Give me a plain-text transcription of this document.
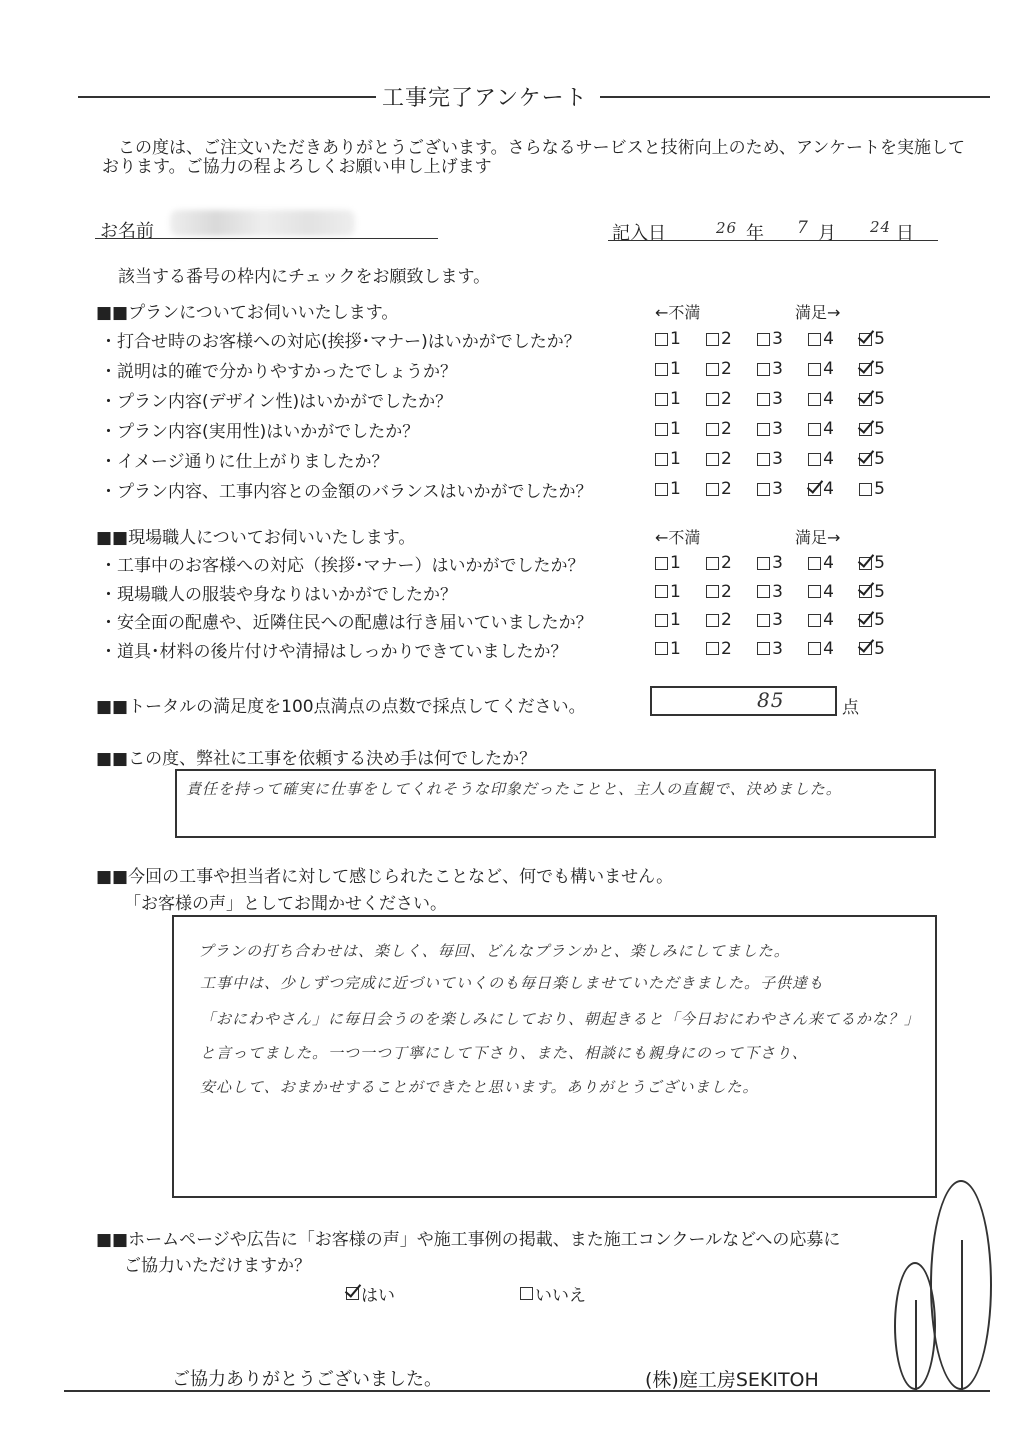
工事完了アンケート
この度は、ご注文いただきありがとうございます。さらなるサービスと技術向上のため、アンケートを実施して
おります。ご協力の程よろしくお願い申し上げます
お名前	記入日	26 年 7 月 24 日
該当する番号の枠内にチェックをお願致します。
■■プランについてお伺いいたします。	←不満	満足→
・打合せ時のお客様への対応(挨拶･マナー)はいかがでしたか？	1 2 3 4 5
・説明は的確で分かりやすかったでしょうか？	1 2 3 4 5
・プラン内容(デザイン性)はいかがでしたか？	1 2 3 4 5
・プラン内容(実用性)はいかがでしたか？	1 2 3 4 5
・イメージ通りに仕上がりましたか？	1 2 3 4 5
・プラン内容、工事内容との金額のバランスはいかがでしたか？	1 2 3 4 5
■■現場職人についてお伺いいたします。	←不満	満足→
・工事中のお客様への対応（挨拶･マナー）はいかがでしたか？	1 2 3 4 5
・現場職人の服装や身なりはいかがでしたか？	1 2 3 4 5
・安全面の配慮や、近隣住民への配慮は行き届いていましたか？	1 2 3 4 5
・道具･材料の後片付けや清掃はしっかりできていましたか？	1 2 3 4 5
■■トータルの満足度を100点満点の点数で採点してください。	85	点
■■この度、弊社に工事を依頼する決め手は何でしたか？
責任を持って確実に仕事をしてくれそうな印象だったことと、主人の直観で、決めました。
■■今回の工事や担当者に対して感じられたことなど、何でも構いません。
「お客様の声」としてお聞かせください。
プランの打ち合わせは、楽しく、毎回、どんなプランかと、楽しみにしてました。
工事中は、少しずつ完成に近づいていくのも毎日楽しませていただきました。子供達も
「おにわやさん」に毎日会うのを楽しみにしており、朝起きると「今日おにわやさん来てるかな？」
と言ってました。一つ一つ丁寧にして下さり、また、相談にも親身にのって下さり、
安心して、おまかせすることができたと思います。ありがとうございました。
■■ホームページや広告に「お客様の声」や施工事例の掲載、また施工コンクールなどへの応募に
ご協力いただけますか？
はい	いいえ
ご協力ありがとうございました。	(株)庭工房SEKITOH
